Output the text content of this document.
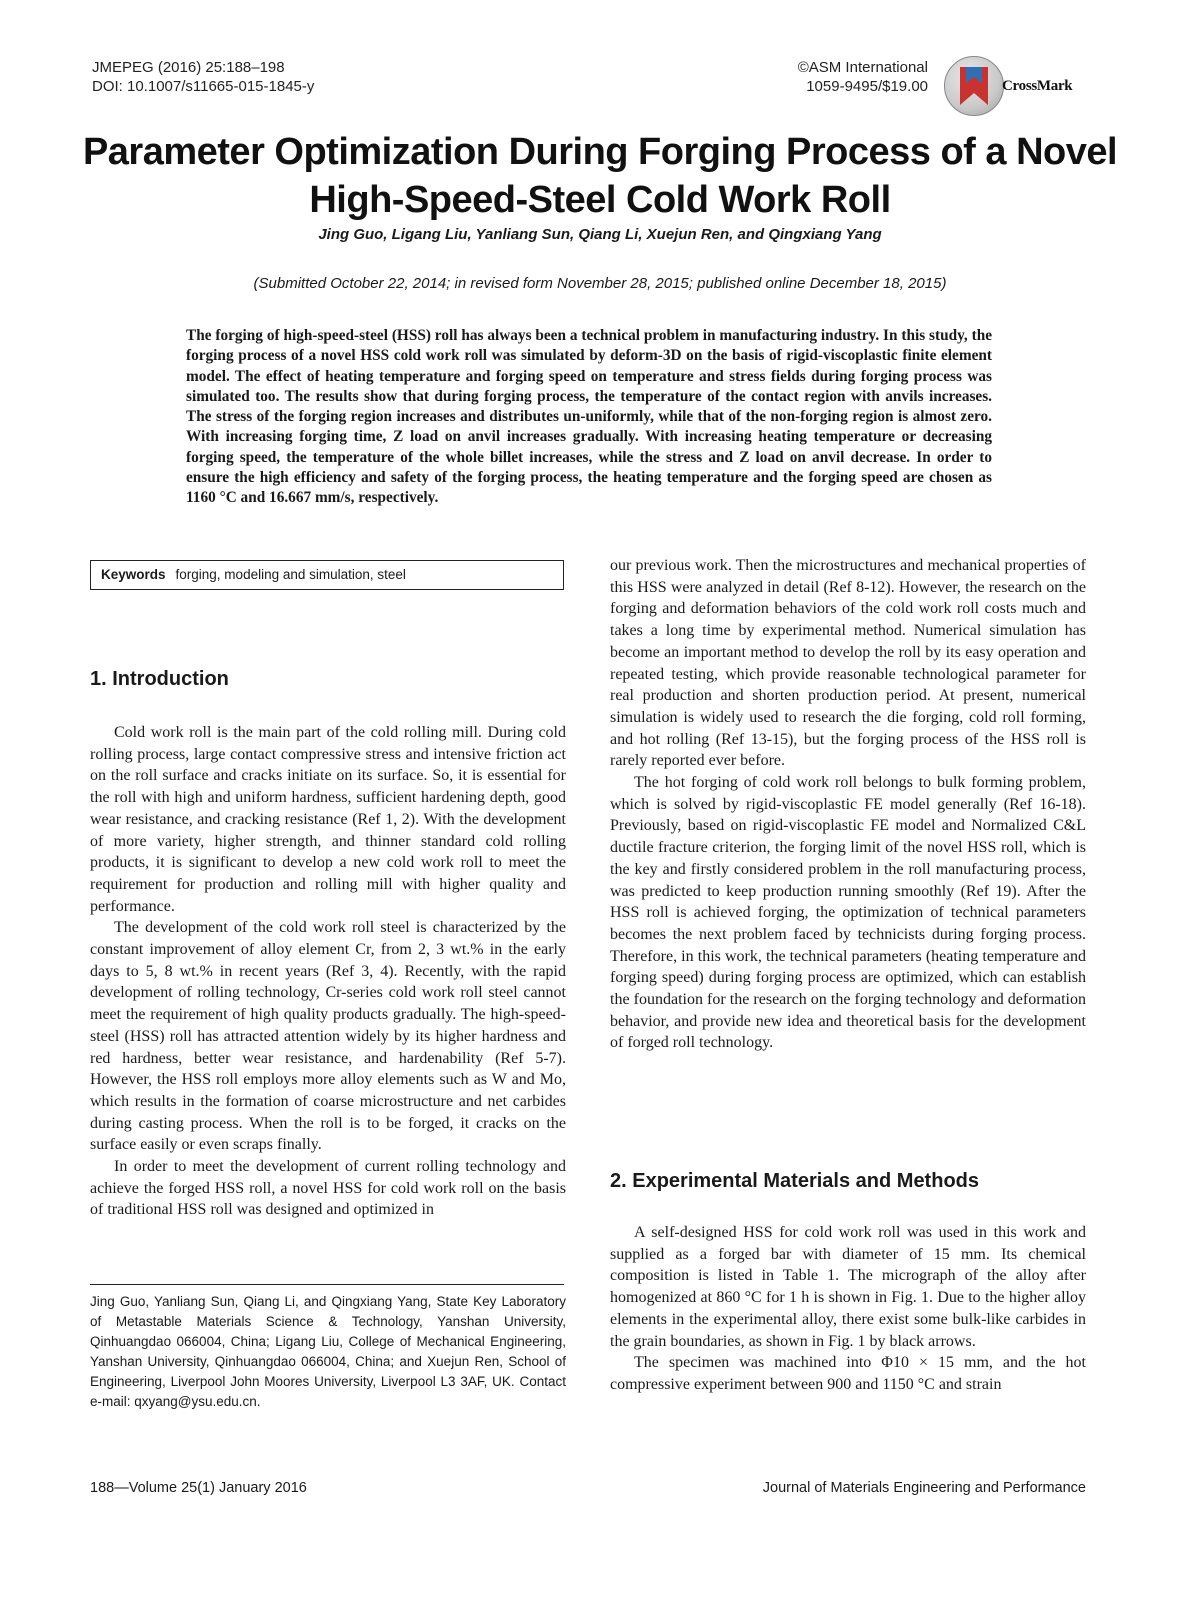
JMEPEG (2016) 25:188–198
DOI: 10.1007/s11665-015-1845-y
©ASM International
1059-9495/$19.00	CrossMark
Parameter Optimization During Forging Process of a Novel High-Speed-Steel Cold Work Roll
Jing Guo, Ligang Liu, Yanliang Sun, Qiang Li, Xuejun Ren, and Qingxiang Yang
(Submitted October 22, 2014; in revised form November 28, 2015; published online December 18, 2015)
The forging of high-speed-steel (HSS) roll has always been a technical problem in manufacturing industry. In this study, the forging process of a novel HSS cold work roll was simulated by deform-3D on the basis of rigid-viscoplastic finite element model. The effect of heating temperature and forging speed on temperature and stress fields during forging process was simulated too. The results show that during forging process, the temperature of the contact region with anvils increases. The stress of the forging region increases and distributes un-uniformly, while that of the non-forging region is almost zero. With increasing forging time, Z load on anvil increases gradually. With increasing heating temperature or decreasing forging speed, the temperature of the whole billet increases, while the stress and Z load on anvil decrease. In order to ensure the high efficiency and safety of the forging process, the heating temperature and the forging speed are chosen as 1160 °C and 16.667 mm/s, respectively.
Keywords forging, modeling and simulation, steel
1. Introduction

Cold work roll is the main part of the cold rolling mill. During cold rolling process, large contact compressive stress and intensive friction act on the roll surface and cracks initiate on its surface. So, it is essential for the roll with high and uniform hardness, sufficient hardening depth, good wear resistance, and cracking resistance (Ref 1, 2). With the development of more variety, higher strength, and thinner standard cold rolling products, it is significant to develop a new cold work roll to meet the requirement for production and rolling mill with higher quality and performance.

The development of the cold work roll steel is characterized by the constant improvement of alloy element Cr, from 2, 3 wt.% in the early days to 5, 8 wt.% in recent years (Ref 3, 4). Recently, with the rapid development of rolling technology, Cr-series cold work roll steel cannot meet the requirement of high quality products gradually. The high-speed-steel (HSS) roll has attracted attention widely by its higher hardness and red hardness, better wear resistance, and hardenability (Ref 5-7). However, the HSS roll employs more alloy elements such as W and Mo, which results in the formation of coarse microstructure and net carbides during casting process. When the roll is to be forged, it cracks on the surface easily or even scraps finally.

In order to meet the development of current rolling technology and achieve the forged HSS roll, a novel HSS for cold work roll on the basis of traditional HSS roll was designed and optimized in

Jing Guo, Yanliang Sun, Qiang Li, and Qingxiang Yang, State Key Laboratory of Metastable Materials Science & Technology, Yanshan University, Qinhuangdao 066004, China; Ligang Liu, College of Mechanical Engineering, Yanshan University, Qinhuangdao 066004, China; and Xuejun Ren, School of Engineering, Liverpool John Moores University, Liverpool L3 3AF, UK. Contact e-mail: qxyang@ysu.edu.cn.

our previous work. Then the microstructures and mechanical properties of this HSS were analyzed in detail (Ref 8-12). However, the research on the forging and deformation behaviors of the cold work roll costs much and takes a long time by experimental method. Numerical simulation has become an important method to develop the roll by its easy operation and repeated testing, which provide reasonable technological parameter for real production and shorten production period. At present, numerical simulation is widely used to research the die forging, cold roll forming, and hot rolling (Ref 13-15), but the forging process of the HSS roll is rarely reported ever before.

The hot forging of cold work roll belongs to bulk forming problem, which is solved by rigid-viscoplastic FE model generally (Ref 16-18). Previously, based on rigid-viscoplastic FE model and Normalized C&L ductile fracture criterion, the forging limit of the novel HSS roll, which is the key and firstly considered problem in the roll manufacturing process, was predicted to keep production running smoothly (Ref 19). After the HSS roll is achieved forging, the optimization of technical parameters becomes the next problem faced by technicists during forging process. Therefore, in this work, the technical parameters (heating temperature and forging speed) during forging process are optimized, which can establish the foundation for the research on the forging technology and deformation behavior, and provide new idea and theoretical basis for the development of forged roll technology.

2. Experimental Materials and Methods

A self-designed HSS for cold work roll was used in this work and supplied as a forged bar with diameter of 15 mm. Its chemical composition is listed in Table 1. The micrograph of the alloy after homogenized at 860 °C for 1 h is shown in Fig. 1. Due to the higher alloy elements in the experimental alloy, there exist some bulk-like carbides in the grain boundaries, as shown in Fig. 1 by black arrows.

The specimen was machined into Φ10 × 15 mm, and the hot compressive experiment between 900 and 1150 °C and strain

188—Volume 25(1) January 2016	Journal of Materials Engineering and Performance
